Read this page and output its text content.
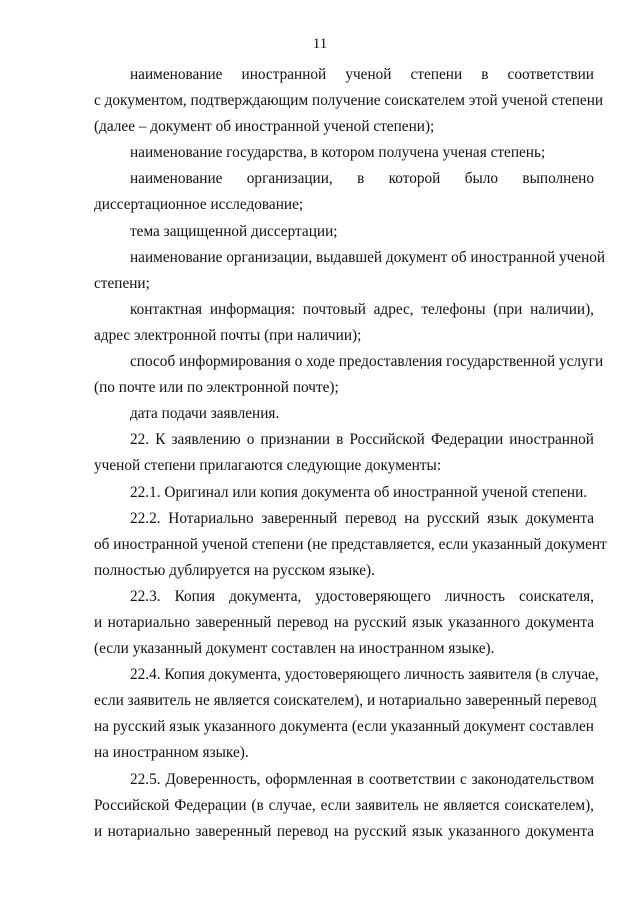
11
наименование иностранной ученой степени в соответствии
с документом, подтверждающим получение соискателем этой ученой степени
(далее – документ об иностранной ученой степени);
наименование государства, в котором получена ученая степень;
наименование организации, в которой было выполнено
диссертационное исследование;
тема защищенной диссертации;
наименование организации, выдавшей документ об иностранной ученой
степени;
контактная информация: почтовый адрес, телефоны (при наличии),
адрес электронной почты (при наличии);
способ информирования о ходе предоставления государственной услуги
(по почте или по электронной почте);
дата подачи заявления.
22. К заявлению о признании в Российской Федерации иностранной
ученой степени прилагаются следующие документы:
22.1. Оригинал или копия документа об иностранной ученой степени.
22.2. Нотариально заверенный перевод на русский язык документа
об иностранной ученой степени (не представляется, если указанный документ
полностью дублируется на русском языке).
22.3. Копия документа, удостоверяющего личность соискателя,
и нотариально заверенный перевод на русский язык указанного документа
(если указанный документ составлен на иностранном языке).
22.4. Копия документа, удостоверяющего личность заявителя (в случае,
если заявитель не является соискателем), и нотариально заверенный перевод
на русский язык указанного документа (если указанный документ составлен
на иностранном языке).
22.5. Доверенность, оформленная в соответствии с законодательством
Российской Федерации (в случае, если заявитель не является соискателем),
и нотариально заверенный перевод на русский язык указанного документа
